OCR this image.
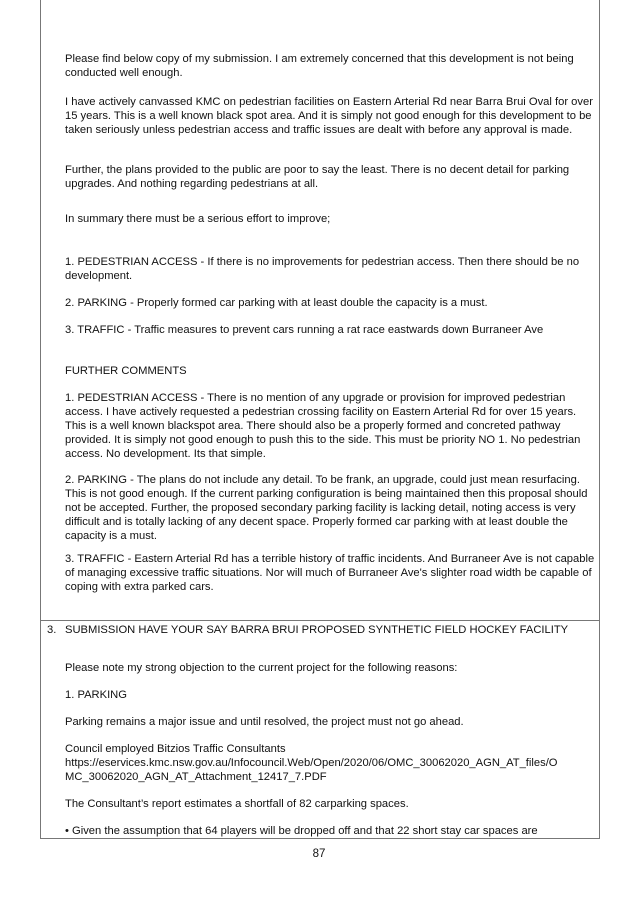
Please find below copy of my submission. I am extremely concerned that this development is not being conducted well enough.

I have actively canvassed KMC on pedestrian facilities on Eastern Arterial Rd near Barra Brui Oval for over 15 years. This is a well known black spot area. And it is simply not good enough for this development to be taken seriously unless pedestrian access and traffic issues are dealt with before any approval is made.

Further, the plans provided to the public are poor to say the least. There is no decent detail for parking upgrades. And nothing regarding pedestrians at all.

In summary there must be a serious effort to improve;

1. PEDESTRIAN ACCESS - If there is no improvements for pedestrian access. Then there should be no development.

2. PARKING - Properly formed car parking with at least double the capacity is a must.

3. TRAFFIC - Traffic measures to prevent cars running a rat race eastwards down Burraneer Ave

FURTHER COMMENTS

1. PEDESTRIAN ACCESS - There is no mention of any upgrade or provision for improved pedestrian access. I have actively requested a pedestrian crossing facility on Eastern Arterial Rd for over 15 years. This is a well known blackspot area. There should also be a properly formed and concreted pathway provided. It is simply not good enough to push this to the side. This must be priority NO 1. No pedestrian access. No development. Its that simple.

2. PARKING - The plans do not include any detail. To be frank, an upgrade, could just mean resurfacing. This is not good enough. If the current parking configuration is being maintained then this proposal should not be accepted. Further, the proposed secondary parking facility is lacking detail, noting access is very difficult and is totally lacking of any decent space. Properly formed car parking with at least double the capacity is a must.

3. TRAFFIC - Eastern Arterial Rd has a terrible history of traffic incidents. And Burraneer Ave is not capable of managing excessive traffic situations. Nor will much of Burraneer Ave's slighter road width be capable of coping with extra parked cars.

3. SUBMISSION HAVE YOUR SAY BARRA BRUI PROPOSED SYNTHETIC FIELD HOCKEY FACILITY

Please note my strong objection to the current project for the following reasons:

1. PARKING

Parking remains a major issue and until resolved, the project must not go ahead.

Council employed Bitzios Traffic Consultants
https://eservices.kmc.nsw.gov.au/Infocouncil.Web/Open/2020/06/OMC_30062020_AGN_AT_files/O
MC_30062020_AGN_AT_Attachment_12417_7.PDF

The Consultant’s report estimates a shortfall of 82 carparking spaces.

• Given the assumption that 64 players will be dropped off and that 22 short stay car spaces are

87
